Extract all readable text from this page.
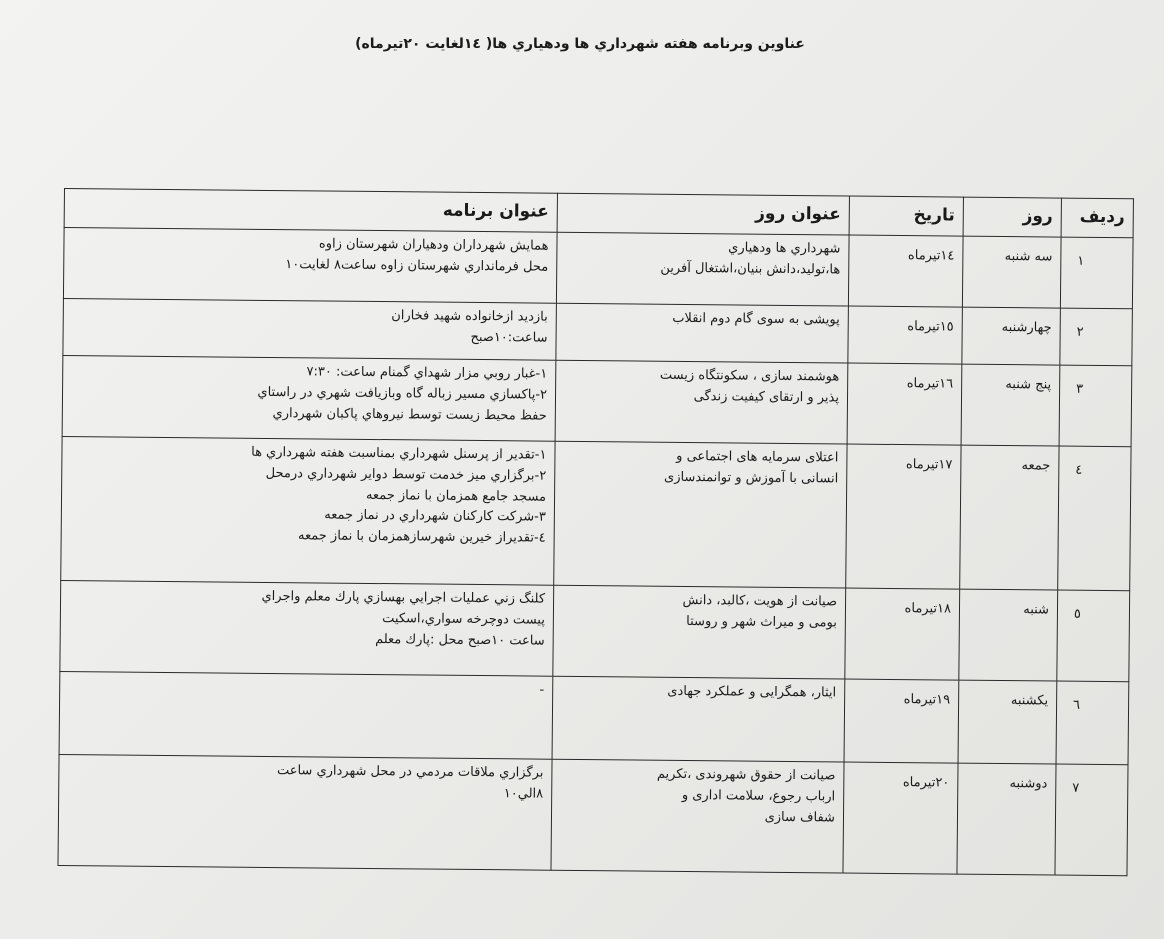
عناوين وبرنامه هفته شهرداري ها ودهياري ها( ١٤لغايت ٢٠تيرماه)
رديف	روز	تاريخ	عنوان روز	عنوان برنامه
١	سه شنبه	١٤تيرماه	شهرداري ها ودهياري
ها،توليد،دانش بنيان،اشتغال آفرين	همايش شهرداران ودهياران شهرستان زاوه
محل فرمانداري شهرستان زاوه ساعت٨ لغايت١٠
٢	چهارشنبه	١٥تيرماه	پویشی به سوی گام دوم انقلاب	بازديد ازخانواده شهيد فخاران
ساعت:١٠صبح
٣	پنج شنبه	١٦تيرماه	هوشمند سازی ، سکونتگاه زیست
پذیر و ارتقای کیفیت زندگی	١-غبار روبي مزار شهداي گمنام ساعت: ٧:٣٠
٢-پاكسازي مسير زباله گاه وبازيافت شهري در راستاي
حفظ محيط زيست توسط نيروهاي پاكبان شهرداري
٤	جمعه	١٧تيرماه	اعتلای سرمایه های اجتماعی و
انسانی با آموزش و توانمندسازی	١-تقدير از پرسنل شهرداري بمناسبت هفته شهرداري ها
٢-برگزاري ميز خدمت توسط دواير شهرداري درمحل
مسجد جامع همزمان با نماز جمعه
٣-شركت كاركنان شهرداري در نماز جمعه
٤-تقديراز خيرين شهرسازهمزمان با نماز جمعه
٥	شنبه	١٨تيرماه	صیانت از هویت ،کالبد، دانش
بومی و میراث شهر و روستا	كلنگ زني عمليات اجرايي بهسازي پارك معلم واجراي
پيست دوچرخه سواري،اسكيت
ساعت ١٠صبح محل :پارك معلم
٦	يكشنبه	١٩تيرماه	ایثار، همگرایی و عملکرد جهادی	-
٧	دوشنبه	٢٠تيرماه	صیانت از حقوق شهروندی ،تکریم
ارباب رجوع، سلامت اداری و
شفاف سازی	برگزاري ملاقات مردمي در محل شهرداري ساعت
٨الي١٠
